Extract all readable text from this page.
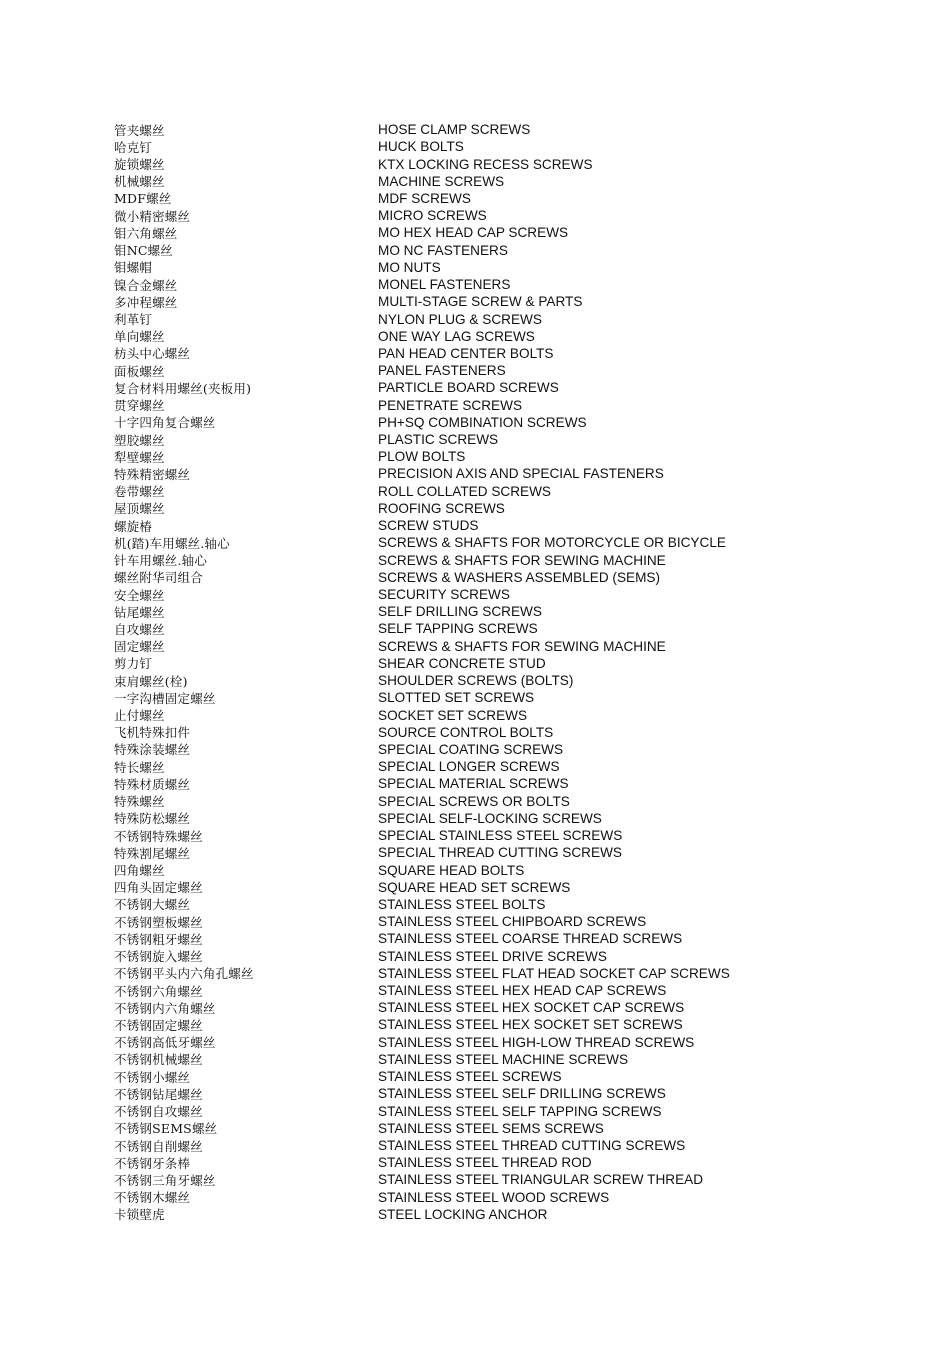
管夹螺丝	HOSE CLAMP SCREWS
哈克钉	HUCK BOLTS
旋锁螺丝	KTX LOCKING RECESS SCREWS
机械螺丝	MACHINE SCREWS
MDF螺丝	MDF SCREWS
微小精密螺丝	MICRO SCREWS
钼六角螺丝	MO HEX HEAD CAP SCREWS
钼NC螺丝	MO NC FASTENERS
钼螺帽	MO NUTS
镍合金螺丝	MONEL FASTENERS
多冲程螺丝	MULTI-STAGE SCREW & PARTS
利革钉	NYLON PLUG & SCREWS
单向螺丝	ONE WAY LAG SCREWS
枋头中心螺丝	PAN HEAD CENTER BOLTS
面板螺丝	PANEL FASTENERS
复合材料用螺丝(夹板用)	PARTICLE BOARD SCREWS
贯穿螺丝	PENETRATE SCREWS
十字四角复合螺丝	PH+SQ COMBINATION SCREWS
塑胶螺丝	PLASTIC SCREWS
犁壁螺丝	PLOW BOLTS
特殊精密螺丝	PRECISION AXIS AND SPECIAL FASTENERS
卷带螺丝	ROLL COLLATED SCREWS
屋顶螺丝	ROOFING SCREWS
螺旋椿	SCREW STUDS
机(踏)车用螺丝.轴心	SCREWS & SHAFTS FOR MOTORCYCLE OR BICYCLE
针车用螺丝.轴心	SCREWS & SHAFTS FOR SEWING MACHINE
螺丝附华司组合	SCREWS & WASHERS ASSEMBLED (SEMS)
安全螺丝	SECURITY SCREWS
钻尾螺丝	SELF DRILLING SCREWS
自攻螺丝	SELF TAPPING SCREWS
固定螺丝	SCREWS & SHAFTS FOR SEWING MACHINE
剪力钉	SHEAR CONCRETE STUD
束肩螺丝(栓)	SHOULDER SCREWS (BOLTS)
一字沟槽固定螺丝	SLOTTED SET SCREWS
止付螺丝	SOCKET SET SCREWS
飞机特殊扣件	SOURCE CONTROL BOLTS
特殊涂装螺丝	SPECIAL COATING SCREWS
特长螺丝	SPECIAL LONGER SCREWS
特殊材质螺丝	SPECIAL MATERIAL SCREWS
特殊螺丝	SPECIAL SCREWS OR BOLTS
特殊防松螺丝	SPECIAL SELF-LOCKING SCREWS
不锈钢特殊螺丝	SPECIAL STAINLESS STEEL SCREWS
特殊割尾螺丝	SPECIAL THREAD CUTTING SCREWS
四角螺丝	SQUARE HEAD BOLTS
四角头固定螺丝	SQUARE HEAD SET SCREWS
不锈钢大螺丝	STAINLESS STEEL BOLTS
不锈钢塑板螺丝	STAINLESS STEEL CHIPBOARD SCREWS
不锈钢粗牙螺丝	STAINLESS STEEL COARSE THREAD SCREWS
不锈钢旋入螺丝	STAINLESS STEEL DRIVE SCREWS
不锈钢平头内六角孔螺丝	STAINLESS STEEL FLAT HEAD SOCKET CAP SCREWS
不锈钢六角螺丝	STAINLESS STEEL HEX HEAD CAP SCREWS
不锈钢内六角螺丝	STAINLESS STEEL HEX SOCKET CAP SCREWS
不锈钢固定螺丝	STAINLESS STEEL HEX SOCKET SET SCREWS
不锈钢高低牙螺丝	STAINLESS STEEL HIGH-LOW THREAD SCREWS
不锈钢机械螺丝	STAINLESS STEEL MACHINE SCREWS
不锈钢小螺丝	STAINLESS STEEL SCREWS
不锈钢钻尾螺丝	STAINLESS STEEL SELF DRILLING SCREWS
不锈钢自攻螺丝	STAINLESS STEEL SELF TAPPING SCREWS
不锈钢SEMS螺丝	STAINLESS STEEL SEMS SCREWS
不锈钢自削螺丝	STAINLESS STEEL THREAD CUTTING SCREWS
不锈钢牙条棒	STAINLESS STEEL THREAD ROD
不锈钢三角牙螺丝	STAINLESS STEEL TRIANGULAR SCREW THREAD
不锈钢木螺丝	STAINLESS STEEL WOOD SCREWS
卡锁壁虎	STEEL LOCKING ANCHOR
